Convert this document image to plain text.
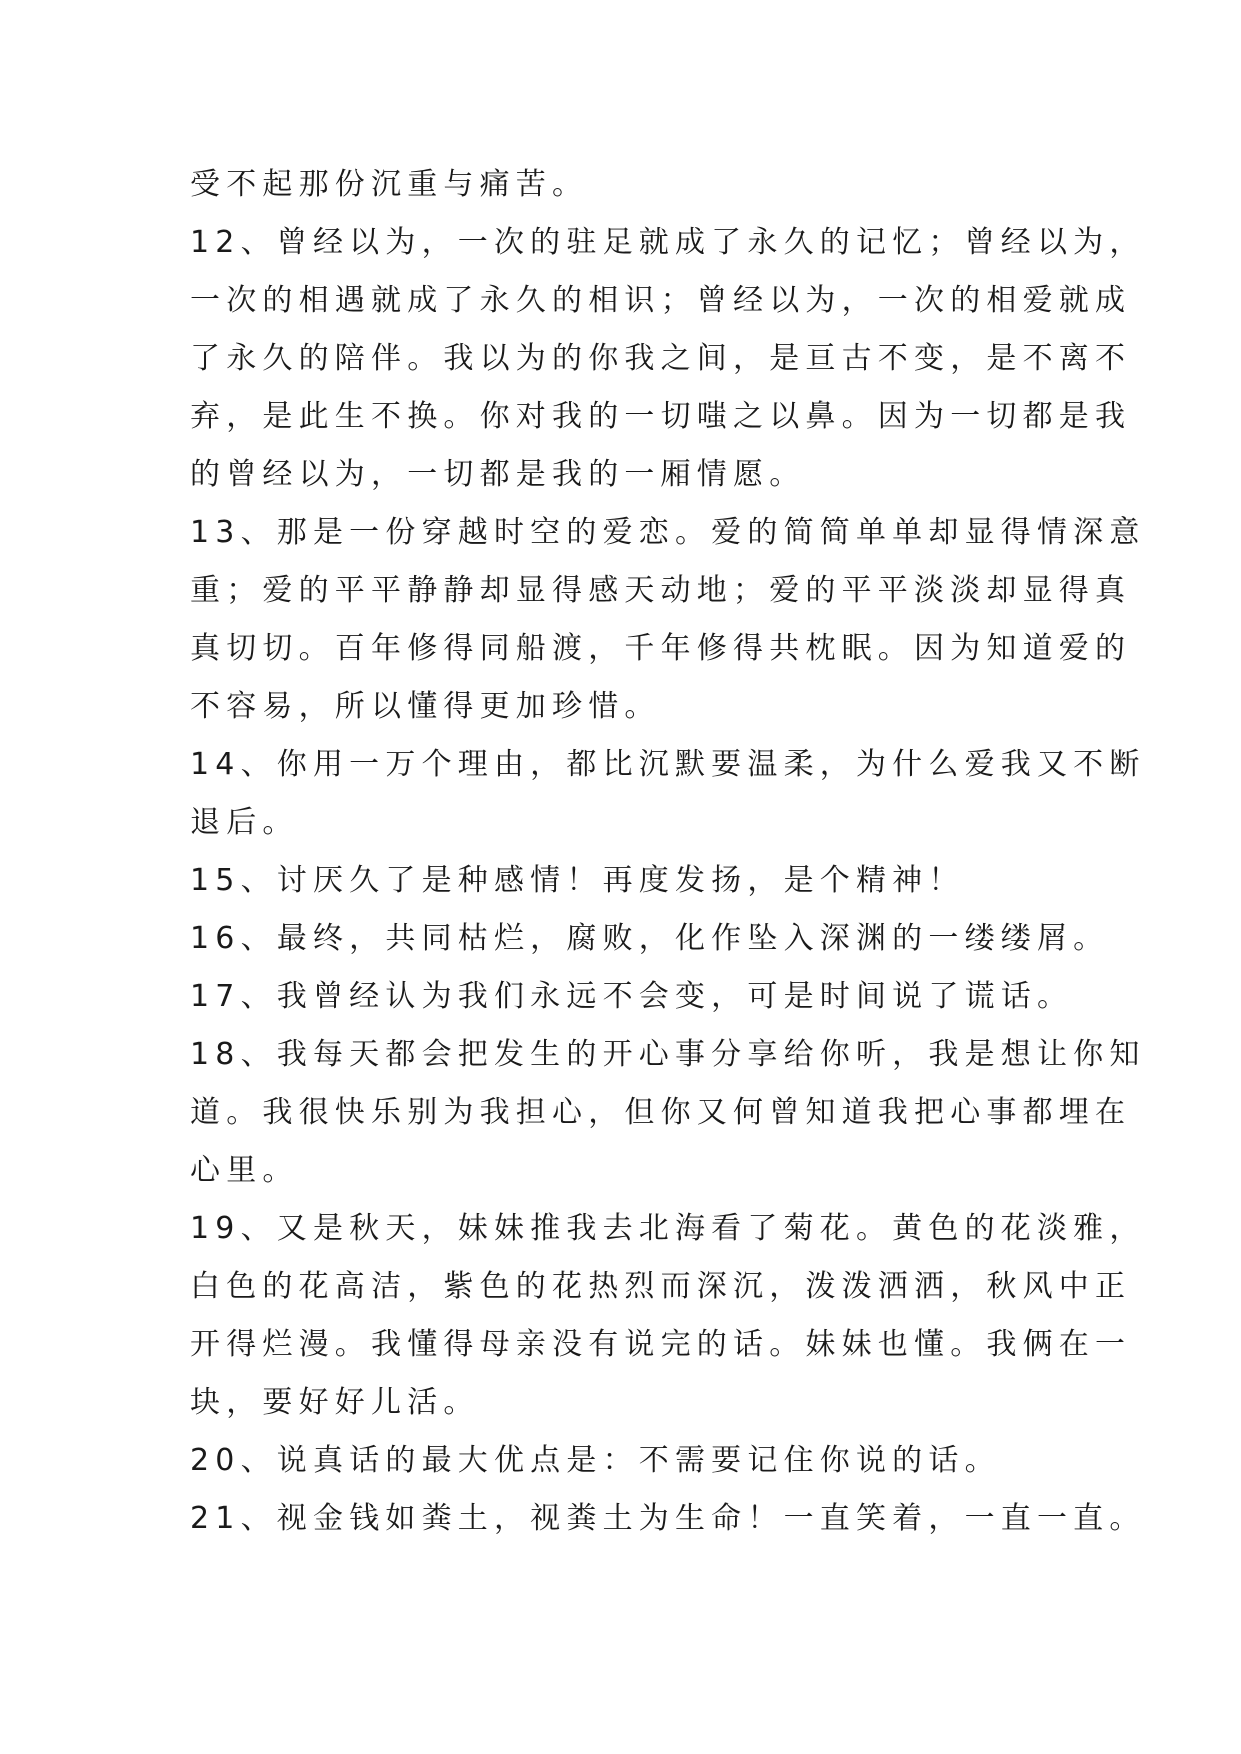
受不起那份沉重与痛苦。
12、曾经以为，一次的驻足就成了永久的记忆；曾经以为，
一次的相遇就成了永久的相识；曾经以为，一次的相爱就成
了永久的陪伴。我以为的你我之间，是亘古不变，是不离不
弃，是此生不换。你对我的一切嗤之以鼻。因为一切都是我
的曾经以为，一切都是我的一厢情愿。
13、那是一份穿越时空的爱恋。爱的简简单单却显得情深意
重；爱的平平静静却显得感天动地；爱的平平淡淡却显得真
真切切。百年修得同船渡，千年修得共枕眠。因为知道爱的
不容易，所以懂得更加珍惜。
14、你用一万个理由，都比沉默要温柔，为什么爱我又不断
退后。
15、讨厌久了是种感情！再度发扬，是个精神！
16、最终，共同枯烂，腐败，化作坠入深渊的一缕缕屑。
17、我曾经认为我们永远不会变，可是时间说了谎话。
18、我每天都会把发生的开心事分享给你听，我是想让你知
道。我很快乐别为我担心，但你又何曾知道我把心事都埋在
心里。
19、又是秋天，妹妹推我去北海看了菊花。黄色的花淡雅，
白色的花高洁，紫色的花热烈而深沉，泼泼洒洒，秋风中正
开得烂漫。我懂得母亲没有说完的话。妹妹也懂。我俩在一
块，要好好儿活。
20、说真话的最大优点是：不需要记住你说的话。
21、视金钱如粪土，视粪土为生命！一直笑着，一直一直。
